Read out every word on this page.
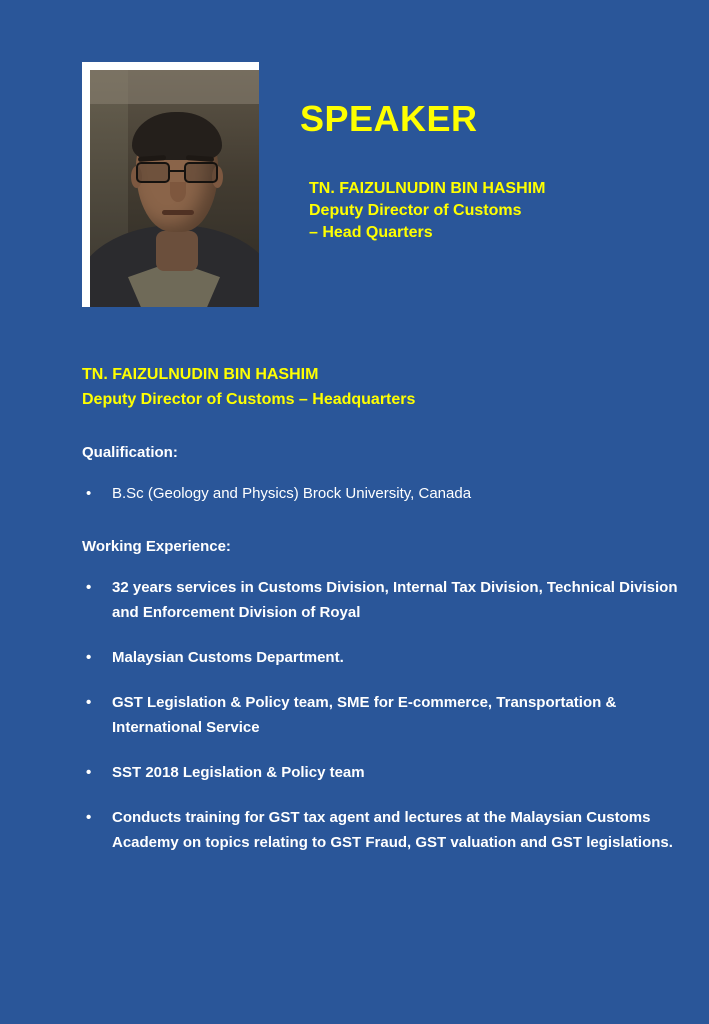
SPEAKER
TN. FAIZULNUDIN BIN HASHIM
Deputy Director of Customs
– Head Quarters
TN. FAIZULNUDIN BIN HASHIM
Deputy Director of Customs – Headquarters
Qualification:
• B.Sc (Geology and Physics) Brock University, Canada
Working Experience:
• 32 years services in Customs Division, Internal Tax Division, Technical Division and Enforcement Division of Royal
• Malaysian Customs Department.
• GST Legislation & Policy team, SME for E-commerce, Transportation & International Service
• SST 2018 Legislation & Policy team
• Conducts training for GST tax agent and lectures at the Malaysian Customs Academy on topics relating to GST Fraud, GST valuation and GST legislations.
